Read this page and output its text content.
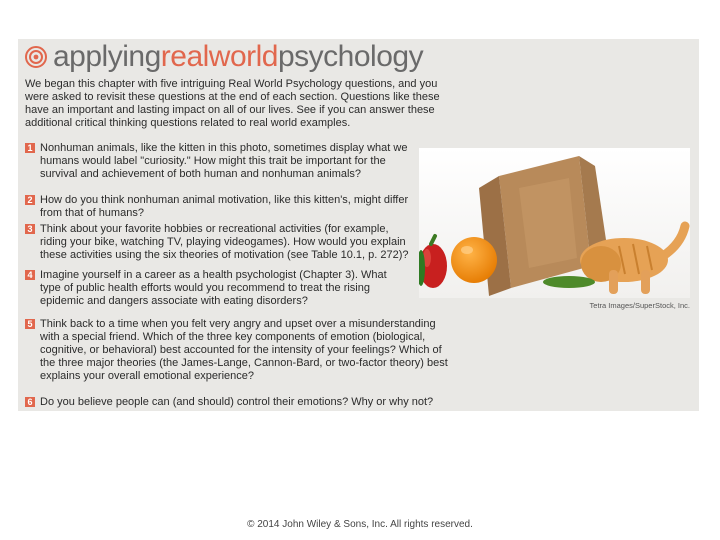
applyingrealworldpsychology
We began this chapter with five intriguing Real World Psychology questions, and you were asked to revisit these questions at the end of each section. Questions like these have an important and lasting impact on all of our lives. See if you can answer these additional critical thinking questions related to real world examples.
1 Nonhuman animals, like the kitten in this photo, sometimes display what we humans would label "curiosity." How might this trait be important for the survival and achievement of both human and nonhuman animals?
2 How do you think nonhuman animal motivation, like this kitten's, might differ from that of humans?
3 Think about your favorite hobbies or recreational activities (for example, riding your bike, watching TV, playing videogames). How would you explain these activities using the six theories of motivation (see Table 10.1, p. 272)?
4 Imagine yourself in a career as a health psychologist (Chapter 3). What type of public health efforts would you recommend to treat the rising epidemic and dangers associate with eating disorders?
5 Think back to a time when you felt very angry and upset over a misunderstanding with a special friend. Which of the three key components of emotion (biological, cognitive, or behavioral) best accounted for the intensity of your feelings? Which of the three major theories (the James-Lange, Cannon-Bard, or two-factor theory) best explains your overall emotional experience?
6 Do you believe people can (and should) control their emotions? Why or why not?
Tetra Images/SuperStock, Inc.
© 2014 John Wiley & Sons, Inc. All rights reserved.
